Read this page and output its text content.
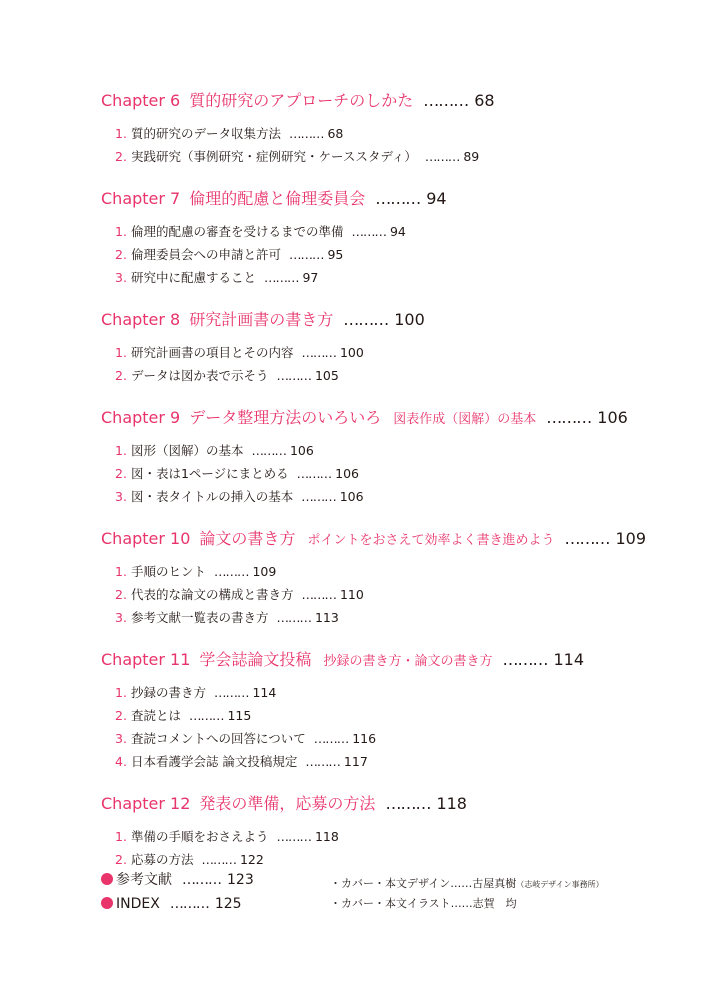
Chapter 6 質的研究のアプローチのしかた ……… 68
1. 質的研究のデータ収集方法 ……… 68
2. 実践研究（事例研究・症例研究・ケーススタディ） ……… 89
Chapter 7 倫理的配慮と倫理委員会 ……… 94
1. 倫理的配慮の審査を受けるまでの準備 ……… 94
2. 倫理委員会への申請と許可 ……… 95
3. 研究中に配慮すること ……… 97
Chapter 8 研究計画書の書き方 ……… 100
1. 研究計画書の項目とその内容 ……… 100
2. データは図か表で示そう ……… 105
Chapter 9 データ整理方法のいろいろ 図表作成（図解）の基本 ……… 106
1. 図形（図解）の基本 ……… 106
2. 図・表は1ページにまとめる ……… 106
3. 図・表タイトルの挿入の基本 ……… 106
Chapter 10 論文の書き方 ポイントをおさえて効率よく書き進めよう ……… 109
1. 手順のヒント ……… 109
2. 代表的な論文の構成と書き方 ……… 110
3. 参考文献一覧表の書き方 ……… 113
Chapter 11 学会誌論文投稿 抄録の書き方・論文の書き方 ……… 114
1. 抄録の書き方 ……… 114
2. 査読とは ……… 115
3. 査読コメントへの回答について ……… 116
4. 日本看護学会誌 論文投稿規定 ……… 117
Chapter 12 発表の準備，応募の方法 ……… 118
1. 準備の手順をおさえよう ……… 118
2. 応募の方法 ……… 122
参考文献 ……… 123
INDEX ……… 125
・カバー・本文デザイン……古屋真樹（志岐デザイン事務所）
・カバー・本文イラスト……志賀　均
